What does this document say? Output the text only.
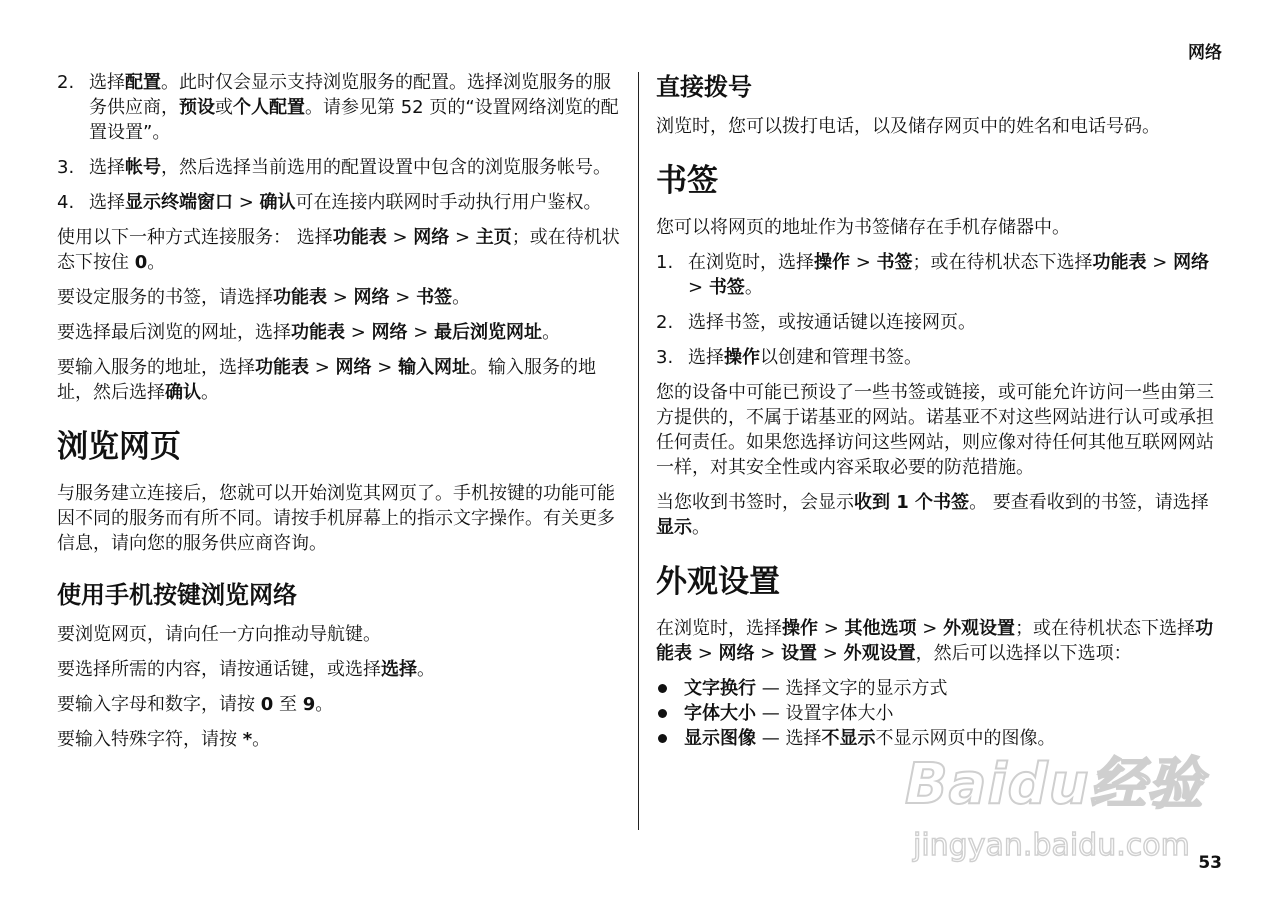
网络
2. 选择配置。此时仅会显示支持浏览服务的配置。选择浏览服务的服务供应商，预设或个人配置。请参见第 52 页的“设置网络浏览的配置设置”。
3. 选择帐号，然后选择当前选用的配置设置中包含的浏览服务帐号。
4. 选择显示终端窗口 > 确认可在连接内联网时手动执行用户鉴权。

使用以下一种方式连接服务： 选择功能表 > 网络 > 主页；或在待机状态下按住 0。

要设定服务的书签，请选择功能表 > 网络 > 书签。

要选择最后浏览的网址，选择功能表 > 网络 > 最后浏览网址。

要输入服务的地址，选择功能表 > 网络 > 输入网址。输入服务的地址，然后选择确认。

浏览网页

与服务建立连接后，您就可以开始浏览其网页了。手机按键的功能可能因不同的服务而有所不同。请按手机屏幕上的指示文字操作。有关更多信息，请向您的服务供应商咨询。

使用手机按键浏览网络

要浏览网页，请向任一方向推动导航键。

要选择所需的内容，请按通话键，或选择选择。

要输入字母和数字，请按 0 至 9。

要输入特殊字符，请按 *。

直接拨号

浏览时，您可以拨打电话，以及储存网页中的姓名和电话号码。

书签

您可以将网页的地址作为书签储存在手机存储器中。

1. 在浏览时，选择操作 > 书签；或在待机状态下选择功能表 > 网络 > 书签。
2. 选择书签，或按通话键以连接网页。
3. 选择操作以创建和管理书签。

您的设备中可能已预设了一些书签或链接，或可能允许访问一些由第三方提供的，不属于诺基亚的网站。诺基亚不对这些网站进行认可或承担任何责任。如果您选择访问这些网站，则应像对待任何其他互联网网站一样，对其安全性或内容采取必要的防范措施。

当您收到书签时，会显示收到 1 个书签。 要查看收到的书签，请选择显示。

外观设置

在浏览时，选择操作 > 其他选项 > 外观设置；或在待机状态下选择功能表 > 网络 > 设置 > 外观设置，然后可以选择以下选项：

文字换行 — 选择文字的显示方式
字体大小 — 设置字体大小
显示图像 — 选择不显示不显示网页中的图像。
Baidu经验
jingyan.baidu.com 53
